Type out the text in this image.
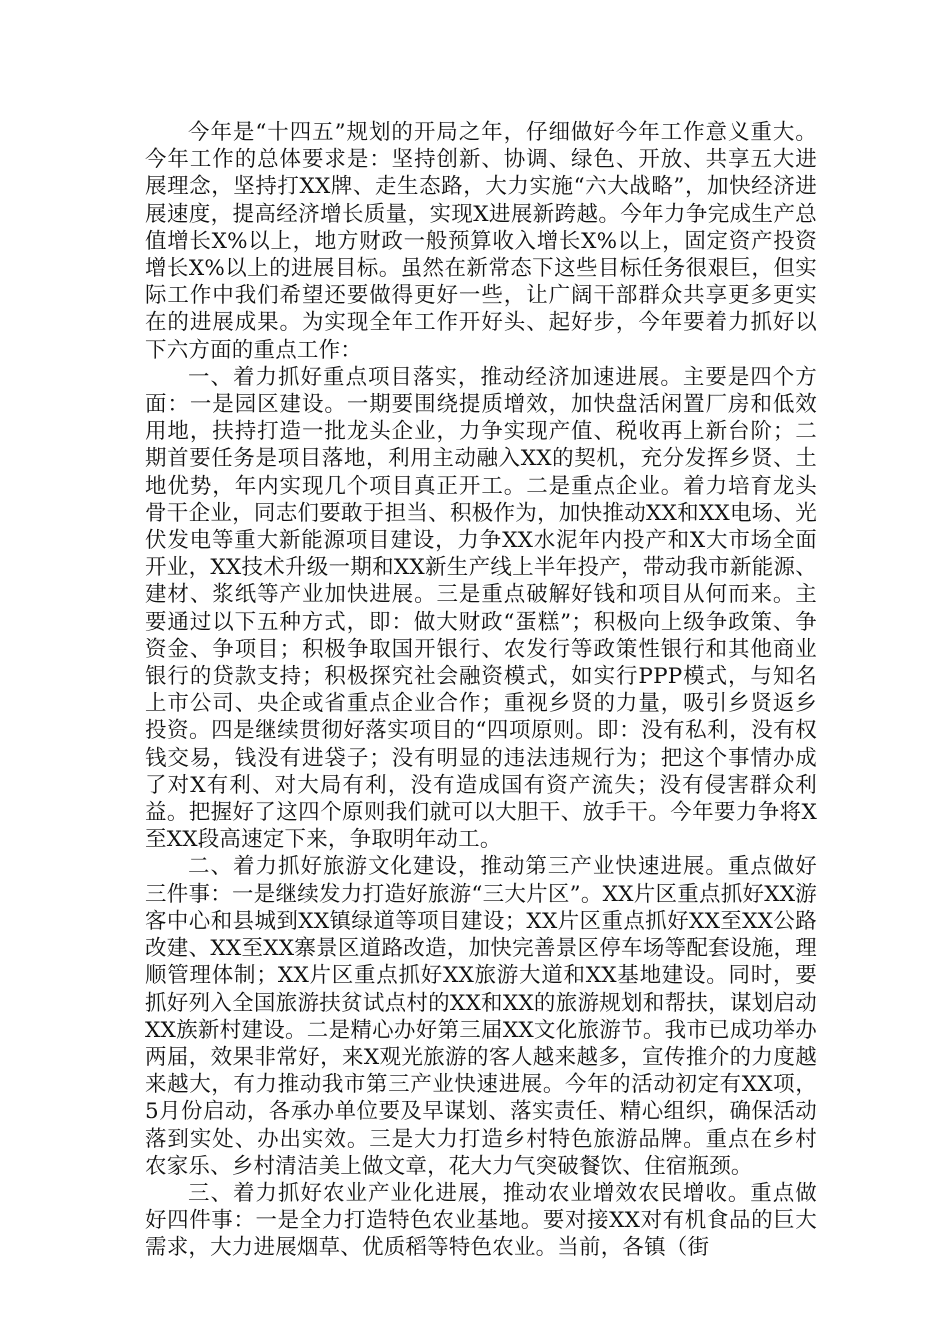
今年是“十四五”规划的开局之年，仔细做好今年工作意义重大。今年工作的总体要求是：坚持创新、协调、绿色、开放、共享五大进展理念，坚持打XX牌、走生态路，大力实施“六大战略”，加快经济进展速度，提高经济增长质量，实现X进展新跨越。今年力争完成生产总值增长X%以上，地方财政一般预算收入增长X%以上，固定资产投资增长X%以上的进展目标。虽然在新常态下这些目标任务很艰巨，但实际工作中我们希望还要做得更好一些，让广阔干部群众共享更多更实在的进展成果。为实现全年工作开好头、起好步，今年要着力抓好以下六方面的重点工作：

一、着力抓好重点项目落实，推动经济加速进展。主要是四个方面：一是园区建设。一期要围绕提质增效，加快盘活闲置厂房和低效用地，扶持打造一批龙头企业，力争实现产值、税收再上新台阶；二期首要任务是项目落地，利用主动融入XX的契机，充分发挥乡贤、土地优势，年内实现几个项目真正开工。二是重点企业。着力培育龙头骨干企业，同志们要敢于担当、积极作为，加快推动XX和XX电场、光伏发电等重大新能源项目建设，力争XX水泥年内投产和X大市场全面开业，XX技术升级一期和XX新生产线上半年投产，带动我市新能源、建材、浆纸等产业加快进展。三是重点破解好钱和项目从何而来。主要通过以下五种方式，即：做大财政“蛋糕”；积极向上级争政策、争资金、争项目；积极争取国开银行、农发行等政策性银行和其他商业银行的贷款支持；积极探究社会融资模式，如实行PPP模式，与知名上市公司、央企或省重点企业合作；重视乡贤的力量，吸引乡贤返乡投资。四是继续贯彻好落实项目的“四项原则。即：没有私利，没有权钱交易，钱没有进袋子；没有明显的违法违规行为；把这个事情办成了对X有利、对大局有利，没有造成国有资产流失；没有侵害群众利益。把握好了这四个原则我们就可以大胆干、放手干。今年要力争将X至XX段高速定下来，争取明年动工。

二、着力抓好旅游文化建设，推动第三产业快速进展。重点做好三件事：一是继续发力打造好旅游“三大片区”。XX片区重点抓好XX游客中心和县城到XX镇绿道等项目建设；XX片区重点抓好XX至XX公路改建、XX至XX寨景区道路改造，加快完善景区停车场等配套设施，理顺管理体制；XX片区重点抓好XX旅游大道和XX基地建设。同时，要抓好列入全国旅游扶贫试点村的XX和XX的旅游规划和帮扶，谋划启动XX族新村建设。二是精心办好第三届XX文化旅游节。我市已成功举办两届，效果非常好，来X观光旅游的客人越来越多，宣传推介的力度越来越大，有力推动我市第三产业快速进展。今年的活动初定有XX项，5月份启动，各承办单位要及早谋划、落实责任、精心组织，确保活动落到实处、办出实效。三是大力打造乡村特色旅游品牌。重点在乡村农家乐、乡村清洁美上做文章，花大力气突破餐饮、住宿瓶颈。

三、着力抓好农业产业化进展，推动农业增效农民增收。重点做好四件事：一是全力打造特色农业基地。要对接XX对有机食品的巨大需求，大力进展烟草、优质稻等特色农业。当前，各镇（街
